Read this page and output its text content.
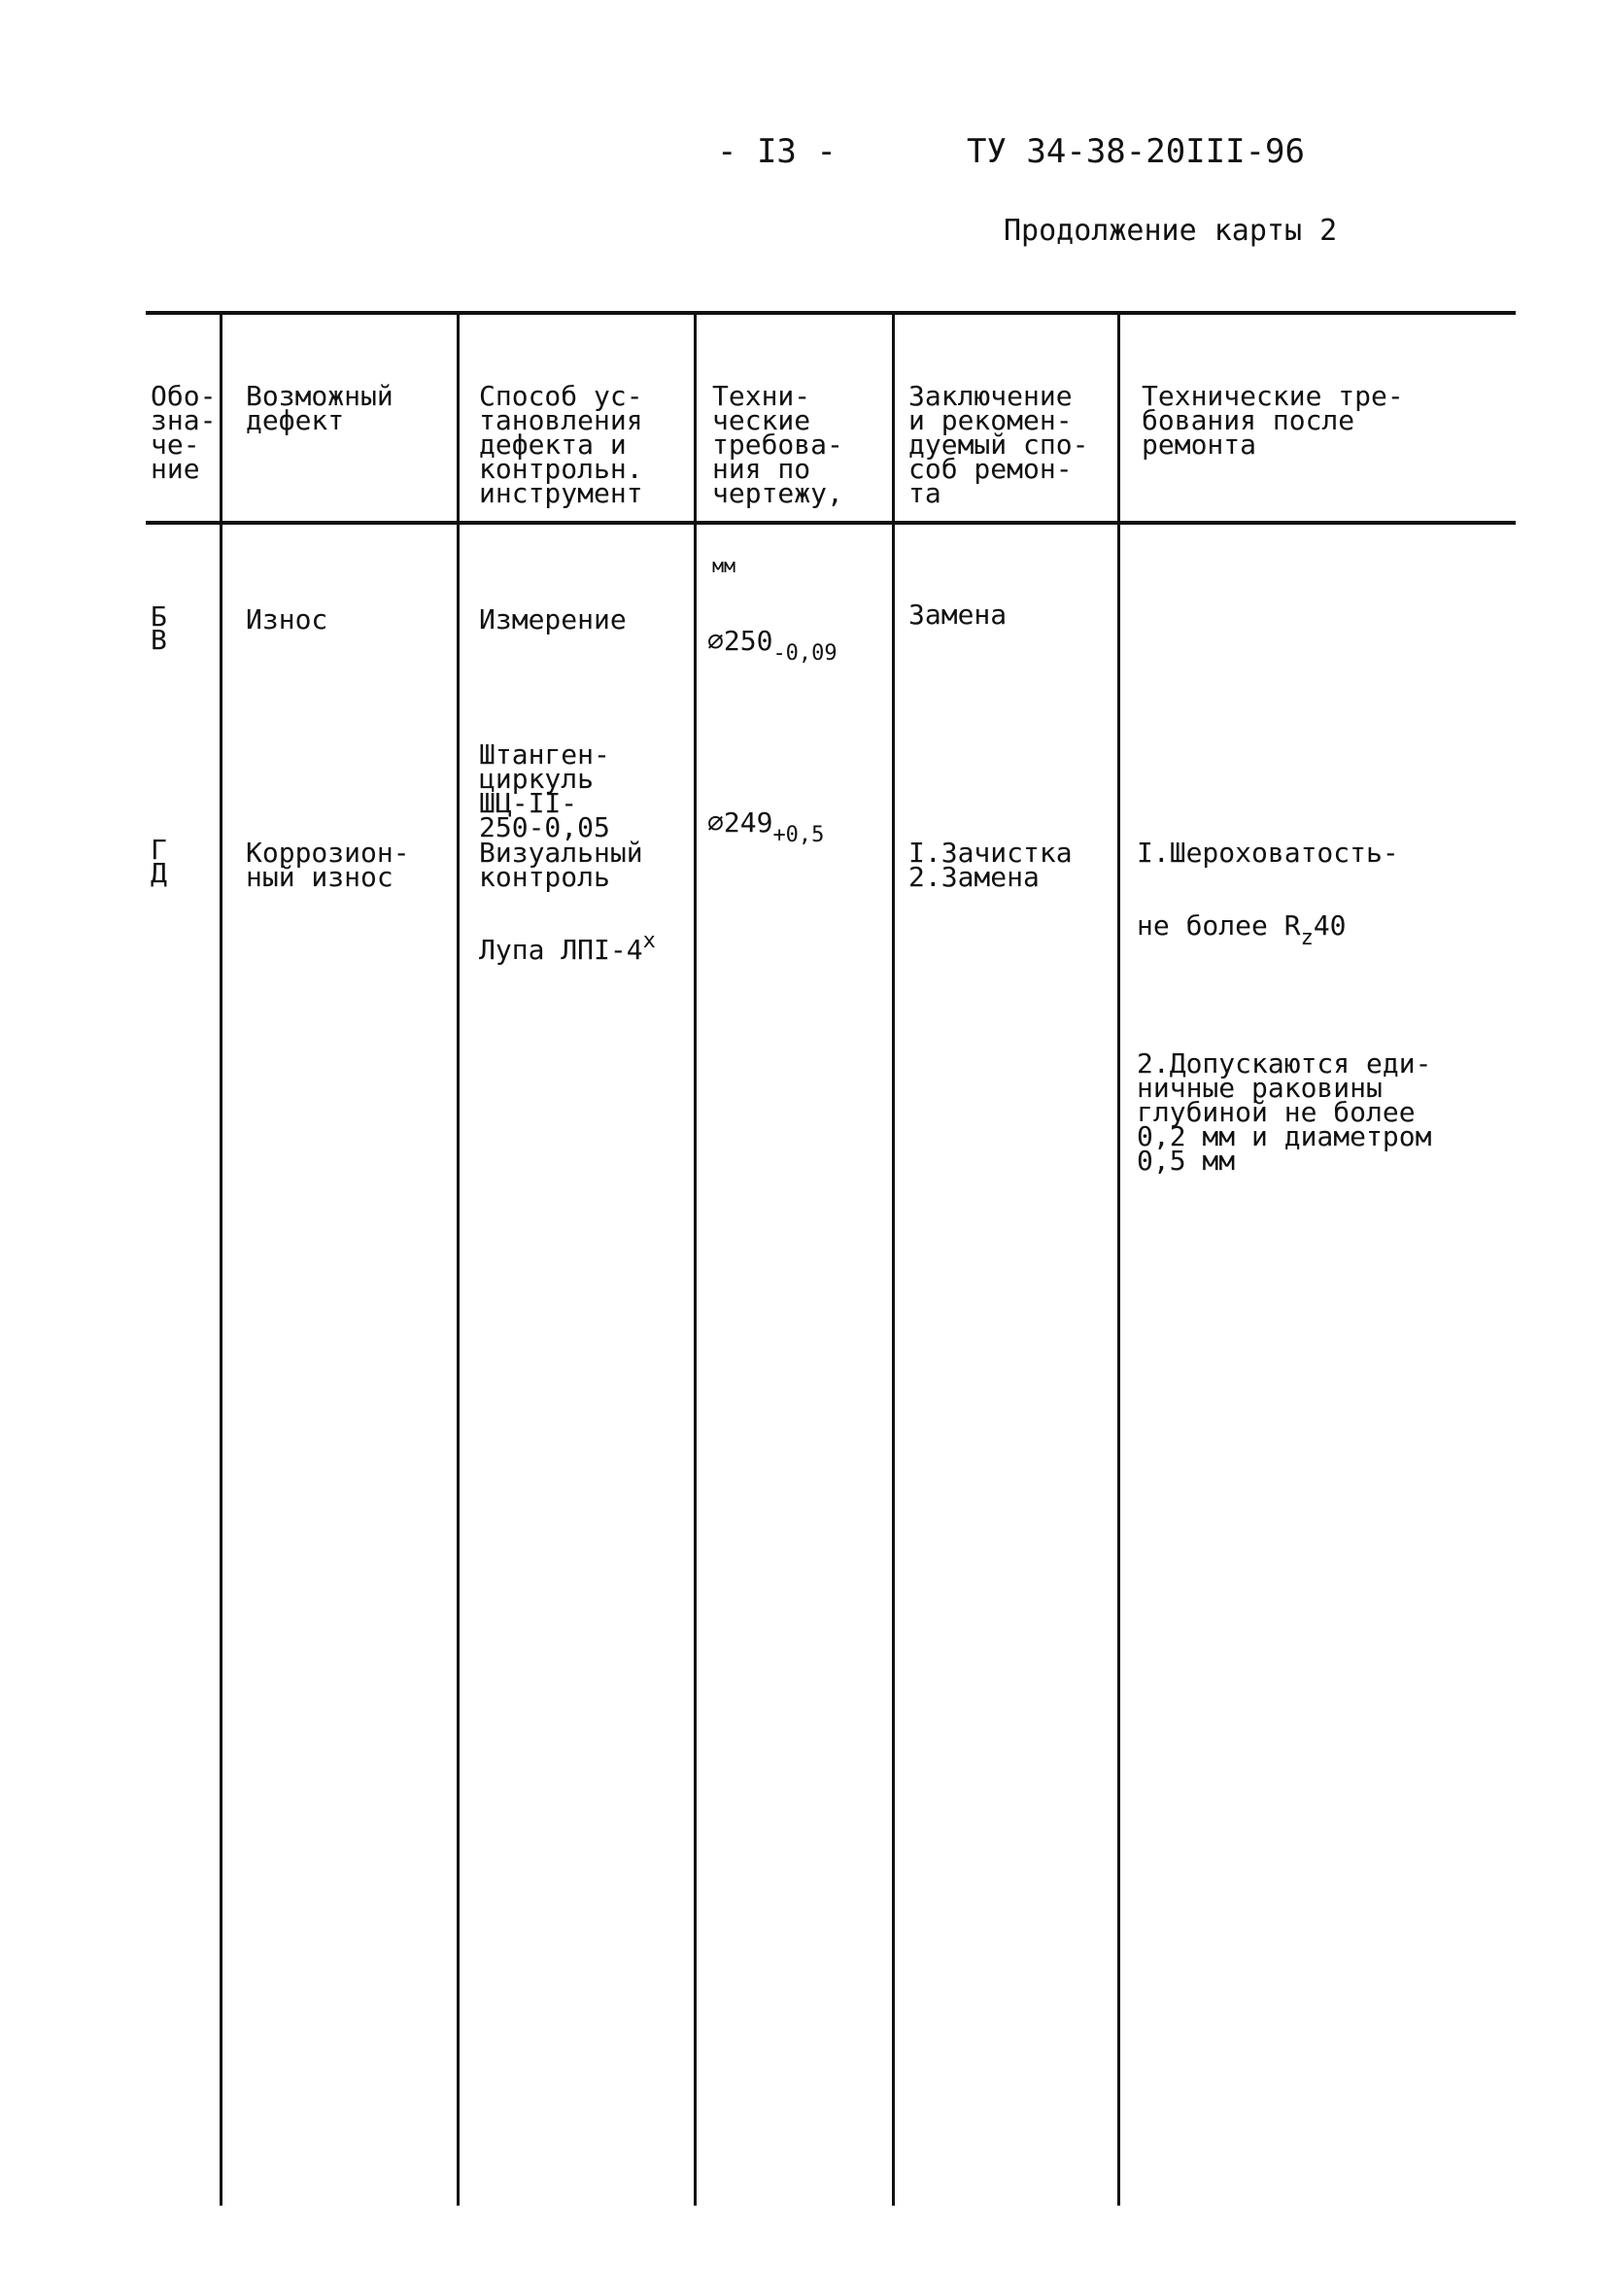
- I3 -	ТУ 34-38-20III-96
Продолжение карты 2

Обо-
зна-
че-
ние

Возможный
дефект

Способ ус-
тановления
дефекта и
контрольн.
инструмент

Техни-
ческие
требова-
ния по
чертежу,

мм

Заключение
и рекомен-
дуемый спо-
соб ремон-
та

Технические тре-
бования после
ремонта

Б
В

Износ

	Измерение

Штанген-
циркуль
ШЦ-II-
250-0,05

$⌀250_{-0,09}$

$⌀249_{+0,5}$

Замена

Г
Д

Коррозион-
ный износ

Визуальный
контроль

Лупа ЛПI-4$^x$

I.Зачистка
2.Замена

I.Шероховатость-

не более $R_z40$

2.Допускаются еди-
ничные раковины
глубиной не более
0,2 мм и диаметром
0,5 мм
